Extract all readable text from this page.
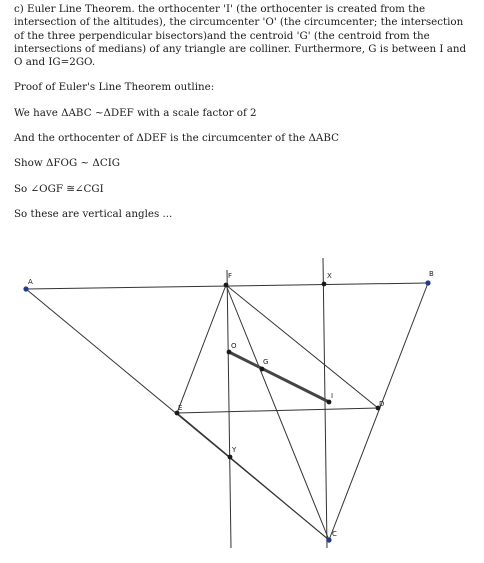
c) Euler Line Theorem. the orthocenter 'I' (the orthocenter is created from the intersection of the altitudes), the circumcenter 'O' (the circumcenter; the intersection of the three perpendicular bisectors)and the centroid 'G' (the centroid from the intersections of medians) of any triangle are colliner. Furthermore, G is between I and O and IG=2GO.

Proof of Euler's Line Theorem outline:

We have ΔABC ~ΔDEF with a scale factor of 2

And the orthocenter of ΔDEF is the circumcenter of the ΔABC

Show ΔFOG ~ ΔCIG

So ∠OGF ≅∠CGI

So these are vertical angles ...

A
B
C
D
E
F
O
G
I
X
Y
